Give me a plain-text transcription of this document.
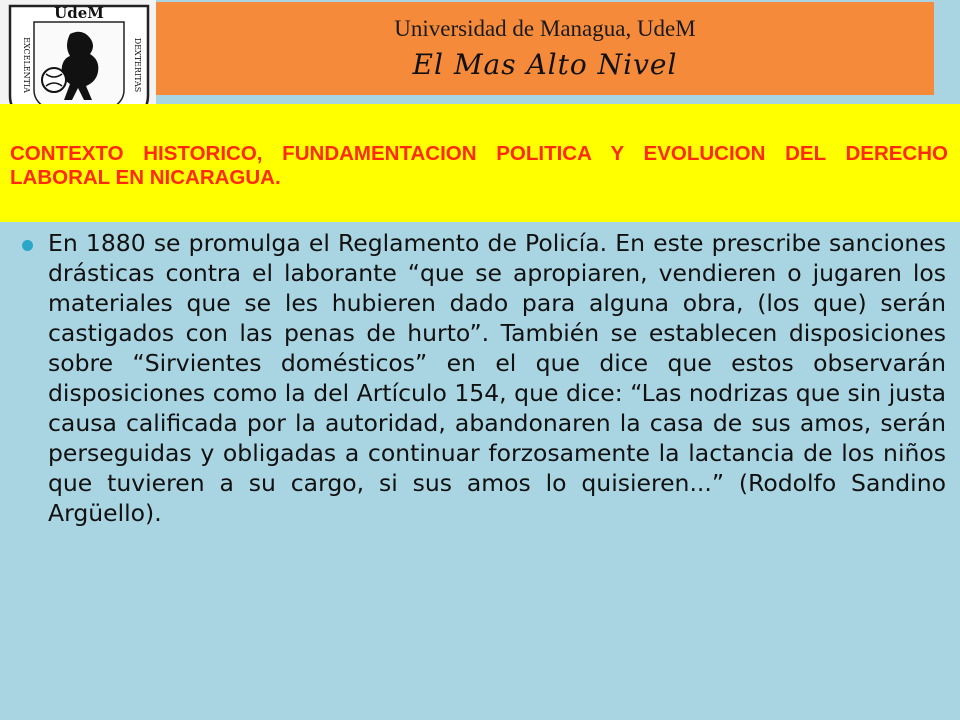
UdeM
EXCELENTIA	DEXTERITAS
Universidad de Managua, UdeM
El Mas Alto Nivel
CONTEXTO HISTORICO, FUNDAMENTACION POLITICA Y EVOLUCION DEL DERECHO LABORAL EN NICARAGUA.
En 1880 se promulga el Reglamento de Policía. En este prescribe sanciones drásticas contra el laborante “que se apropiaren, vendieren o jugaren los materiales que se les hubieren dado para alguna obra, (los que) serán castigados con las penas de hurto”. También se establecen disposiciones sobre “Sirvientes domésticos” en el que dice que estos observarán disposiciones como la del Artículo 154, que dice: “Las nodrizas que sin justa causa calificada por la autoridad, abandonaren la casa de sus amos, serán perseguidas y obligadas a continuar forzosamente la lactancia de los niños que tuvieren a su cargo, si sus amos lo quisieren...” (Rodolfo Sandino Argüello).
